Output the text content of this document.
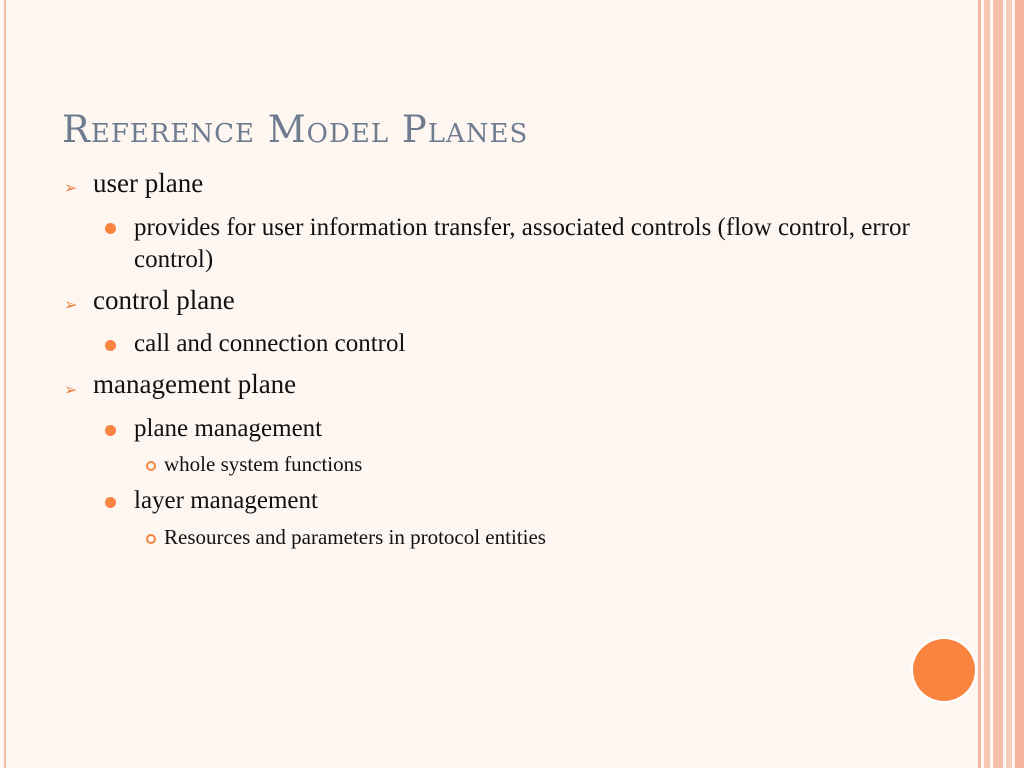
Reference Model Planes
➢ user plane
provides for user information transfer, associated controls (flow control, error control)
➢ control plane
call and connection control
➢ management plane
plane management
whole system functions
layer management
Resources and parameters in protocol entities
